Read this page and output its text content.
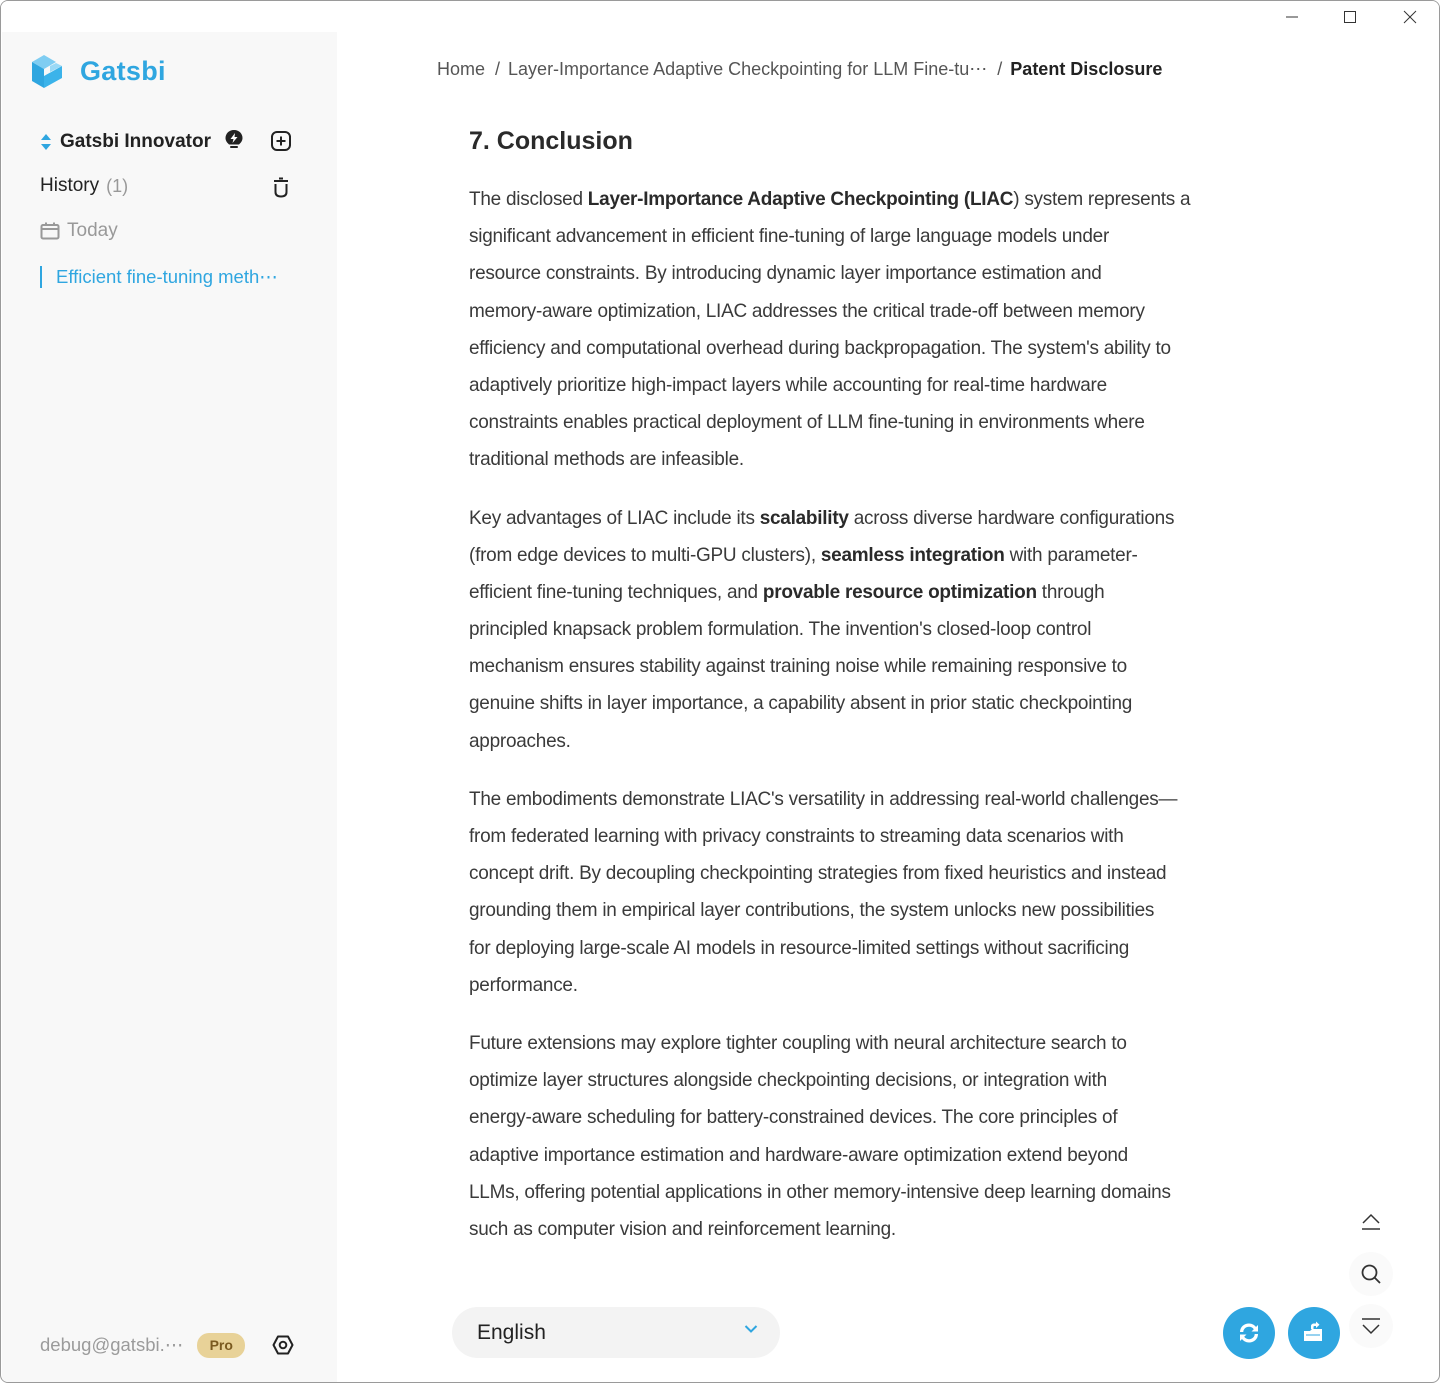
Gatsbi
Gatsbi Innovator
History (1)
Today
Efficient fine-tuning meth⋯
debug@gatsbi.⋯	Pro
Home / Layer-Importance Adaptive Checkpointing for LLM Fine-tu⋯ / Patent Disclosure
7. Conclusion
The disclosed Layer-Importance Adaptive Checkpointing (LIAC) system represents a
significant advancement in efficient fine-tuning of large language models under
resource constraints. By introducing dynamic layer importance estimation and
memory-aware optimization, LIAC addresses the critical trade-off between memory
efficiency and computational overhead during backpropagation. The system's ability to
adaptively prioritize high-impact layers while accounting for real-time hardware
constraints enables practical deployment of LLM fine-tuning in environments where
traditional methods are infeasible.
Key advantages of LIAC include its scalability across diverse hardware configurations
(from edge devices to multi-GPU clusters), seamless integration with parameter-
efficient fine-tuning techniques, and provable resource optimization through
principled knapsack problem formulation. The invention's closed-loop control
mechanism ensures stability against training noise while remaining responsive to
genuine shifts in layer importance, a capability absent in prior static checkpointing
approaches.
The embodiments demonstrate LIAC's versatility in addressing real-world challenges—
from federated learning with privacy constraints to streaming data scenarios with
concept drift. By decoupling checkpointing strategies from fixed heuristics and instead
grounding them in empirical layer contributions, the system unlocks new possibilities
for deploying large-scale AI models in resource-limited settings without sacrificing
performance.
Future extensions may explore tighter coupling with neural architecture search to
optimize layer structures alongside checkpointing decisions, or integration with
energy-aware scheduling for battery-constrained devices. The core principles of
adaptive importance estimation and hardware-aware optimization extend beyond
LLMs, offering potential applications in other memory-intensive deep learning domains
such as computer vision and reinforcement learning.
English
